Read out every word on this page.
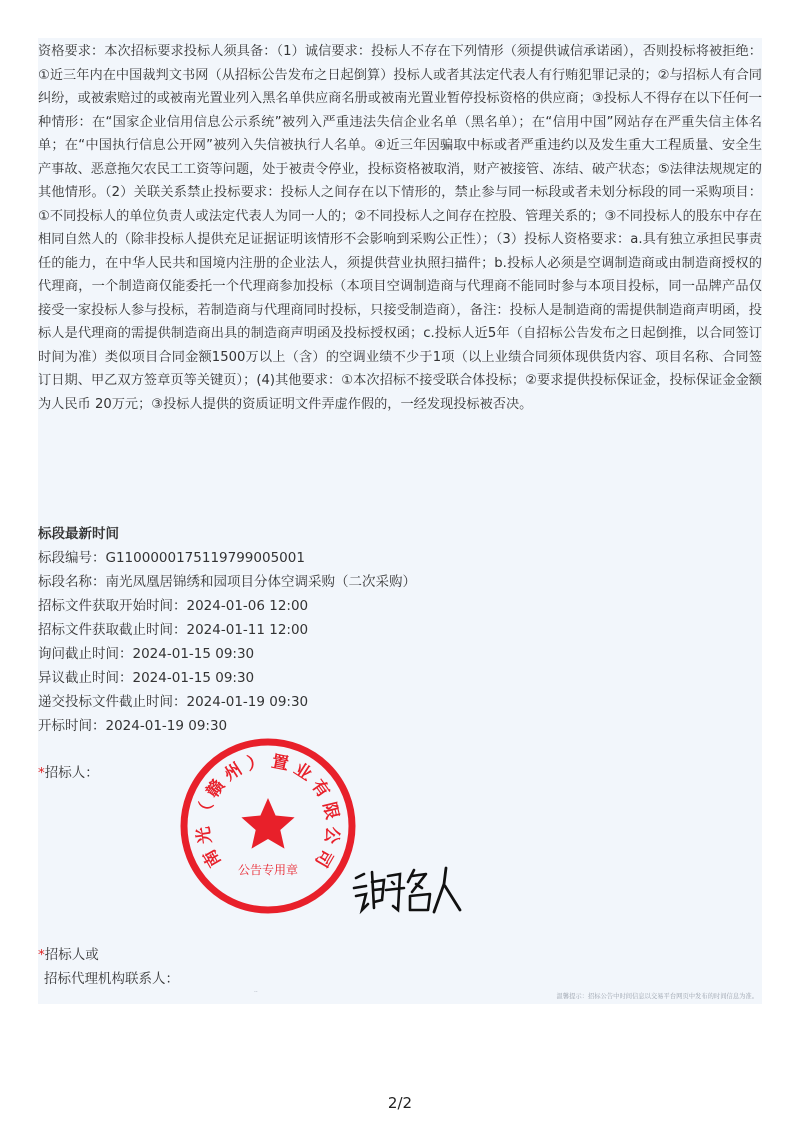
资格要求：本次招标要求投标人须具备：（1）诚信要求：投标人不存在下列情形（须提供诚信承诺函），否则投标将被拒绝：①近三年内在中国裁判文书网（从招标公告发布之日起倒算）投标人或者其法定代表人有行贿犯罪记录的；②与招标人有合同纠纷，或被索赔过的或被南光置业列入黑名单供应商名册或被南光置业暂停投标资格的供应商；③投标人不得存在以下任何一种情形：在“国家企业信用信息公示系统”被列入严重违法失信企业名单（黑名单）；在“信用中国”网站存在严重失信主体名单；在“中国执行信息公开网”被列入失信被执行人名单。④近三年因骗取中标或者严重违约以及发生重大工程质量、安全生产事故、恶意拖欠农民工工资等问题，处于被责令停业，投标资格被取消，财产被接管、冻结、破产状态；⑤法律法规规定的其他情形。（2）关联关系禁止投标要求：投标人之间存在以下情形的，禁止参与同一标段或者未划分标段的同一采购项目：①不同投标人的单位负责人或法定代表人为同一人的；②不同投标人之间存在控股、管理关系的；③不同投标人的股东中存在相同自然人的（除非投标人提供充足证据证明该情形不会影响到采购公正性）；（3）投标人资格要求：a.具有独立承担民事责任的能力，在中华人民共和国境内注册的企业法人，须提供营业执照扫描件；b.投标人必须是空调制造商或由制造商授权的代理商，一个制造商仅能委托一个代理商参加投标（本项目空调制造商与代理商不能同时参与本项目投标，同一品牌产品仅接受一家投标人参与投标，若制造商与代理商同时投标，只接受制造商），备注：投标人是制造商的需提供制造商声明函，投标人是代理商的需提供制造商出具的制造商声明函及投标授权函；c.投标人近5年（自招标公告发布之日起倒推，以合同签订时间为准）类似项目合同金额1500万以上（含）的空调业绩不少于1项（以上业绩合同须体现供货内容、项目名称、合同签订日期、甲乙双方签章页等关键页）；(4)其他要求：①本次招标不接受联合体投标；②要求提供投标保证金，投标保证金金额为人民币 20万元；③投标人提供的资质证明文件弄虚作假的，一经发现投标被否决。

标段最新时间
标段编号：G1100000175119799005001
标段名称：南光凤凰居锦绣和园项目分体空调采购（二次采购）
招标文件获取开始时间：2024-01-06 12:00
招标文件获取截止时间：2024-01-11 12:00
询问截止时间：2024-01-15 09:30
异议截止时间：2024-01-15 09:30
递交投标文件截止时间：2024-01-19 09:30
开标时间：2024-01-19 09:30
*招标人：
南
光
（
赣
州 ） 置 业
有
限
公
司
公告专用章
*招标人或
招标代理机构联系人：
··
温馨提示：招标公告中时间信息以交易平台网页中发布的时间信息为准。
2/2
